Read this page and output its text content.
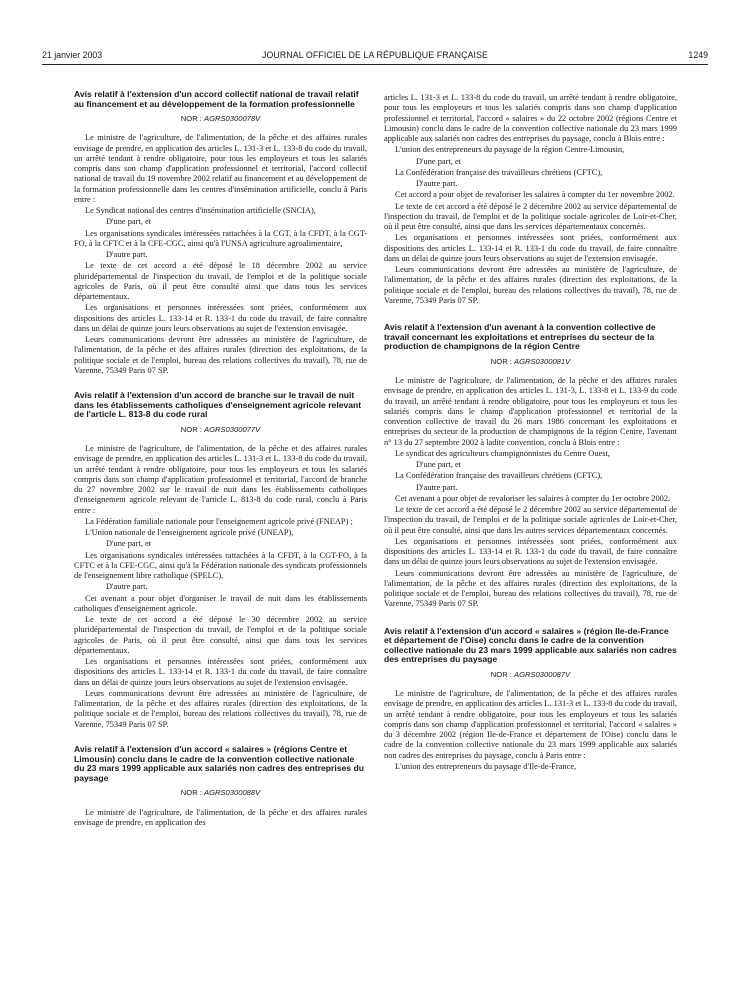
21 janvier 2003	JOURNAL OFFICIEL DE LA RÉPUBLIQUE FRANÇAISE	1249
Avis relatif à l'extension d'un accord collectif national de travail relatif au financement et au développement de la formation professionnelle
NOR : AGRS0300078V
Le ministre de l'agriculture, de l'alimentation, de la pêche et des affaires rurales envisage de prendre, en application des articles L. 131-3 et L. 133-8 du code du travail, un arrêté tendant à rendre obligatoire, pour tous les employeurs et tous les salariés compris dans son champ d'application professionnel et territorial, l'accord collectif national de travail du 19 novembre 2002 relatif au financement et au développement de la formation professionnelle dans les centres d'insémination artificielle, conclu à Paris entre :
Le Syndicat national des centres d'insémination artificielle (SNCIA),
D'une part, et
Les organisations syndicales intéressées rattachées à la CGT, à la CFDT, à la CGT-FO, à la CFTC et à la CFE-CGC, ainsi qu'à l'UNSA agriculture agroalimentaire,
D'autre part.
Le texte de cet accord a été déposé le 18 décembre 2002 au service pluridépartemental de l'inspection du travail, de l'emploi et de la politique sociale agricoles de Paris, où il peut être consulté ainsi que dans tous les services départementaux.
Les organisations et personnes intéressées sont priées, conformément aux dispositions des articles L. 133-14 et R. 133-1 du code du travail, de faire connaître dans un délai de quinze jours leurs observations au sujet de l'extension envisagée.
Leurs communications devront être adressées au ministère de l'agriculture, de l'alimentation, de la pêche et des affaires rurales (direction des exploitations, de la politique sociale et de l'emploi, bureau des relations collectives du travail), 78, rue de Varenne, 75349 Paris 07 SP.
Avis relatif à l'extension d'un accord de branche sur le travail de nuit dans les établissements catholiques d'enseignement agricole relevant de l'article L. 813-8 du code rural
NOR : AGRS0300077V
Le ministre de l'agriculture, de l'alimentation, de la pêche et des affaires rurales envisage de prendre, en application des articles L. 131-3 et L. 133-8 du code du travail, un arrêté tendant à rendre obligatoire, pour tous les employeurs et tous les salariés compris dans son champ d'application professionnel et territorial, l'accord de branche du 27 novembre 2002 sur le travail de nuit dans les établissements catholiques d'enseignement agricole relevant de l'article L. 813-8 du code rural, conclu à Paris entre :
La Fédération familiale nationale pour l'enseignement agricole privé (FNEAP) ;
L'Union nationale de l'enseignement agricole privé (UNEAP),
D'une part, et
Les organisations syndicales intéressées rattachées à la CFDT, à la CGT-FO, à la CFTC et à la CFE-CGC, ainsi qu'à la Fédération nationale des syndicats professionnels de l'enseignement libre catholique (SPELC),
D'autre part.
Cet avenant a pour objet d'organiser le travail de nuit dans les établissements catholiques d'enseignement agricole.
Le texte de cet accord a été déposé le 30 décembre 2002 au service pluridépartemental de l'inspection du travail, de l'emploi et de la politique sociale agricoles de Paris, où il peut être consulté, ainsi que dans tous les services départementaux.
Les organisations et personnes intéressées sont priées, conformément aux dispositions des articles L. 133-14 et R. 133-1 du code du travail, de faire connaître dans un délai de quinze jours leurs observations au sujet de l'extension envisagée.
Leurs communications devront être adressées au ministère de l'agriculture, de l'alimentation, de la pêche et des affaires rurales (direction des exploitations, de la politique sociale et de l'emploi, bureau des relations collectives du travail), 78, rue de Varenne, 75349 Paris 07 SP.
Avis relatif à l'extension d'un accord « salaires » (régions Centre et Limousin) conclu dans le cadre de la convention collective nationale du 23 mars 1999 applicable aux salariés non cadres des entreprises du paysage
NOR : AGRS0300088V
Le ministre de l'agriculture, de l'alimentation, de la pêche et des affaires rurales envisage de prendre, en application des
articles L. 131-3 et L. 133-8 du code du travail, un arrêté tendant à rendre obligatoire, pour tous les employeurs et tous les salariés compris dans son champ d'application professionnel et territorial, l'accord « salaires » du 22 octobre 2002 (régions Centre et Limousin) conclu dans le cadre de la convention collective nationale du 23 mars 1999 applicable aux salariés non cadres des entreprises du paysage, conclu à Blois entre :
L'union des entrepreneurs du paysage de la région Centre-Limousin,
D'une part, et
La Confédération française des travailleurs chrétiens (CFTC),
D'autre part.
Cet accord a pour objet de revaloriser les salaires à compter du 1er novembre 2002.
Le texte de cet accord a été déposé le 2 décembre 2002 au service départemental de l'inspection du travail, de l'emploi et de la politique sociale agricoles de Loir-et-Cher, où il peut être consulté, ainsi que dans les services départementaux concernés.
Les organisations et personnes intéressées sont priées, conformément aux dispositions des articles L. 133-14 et R. 133-1 du code du travail, de faire connaître dans un délai de quinze jours leurs observations au sujet de l'extension envisagée.
Leurs communications devront être adressées au ministère de l'agriculture, de l'alimentation, de la pêche et des affaires rurales (direction des exploitations, de la politique sociale et de l'emploi, bureau des relations collectives du travail), 78, rue de Varenne, 75349 Paris 07 SP.
Avis relatif à l'extension d'un avenant à la convention collective de travail concernant les exploitations et entreprises du secteur de la production de champignons de la région Centre
NOR : AGRS0300081V
Le ministre de l'agriculture, de l'alimentation, de la pêche et des affaires rurales envisage de prendre, en application des articles L. 131-3, L. 133-8 et L. 133-9 du code du travail, un arrêté tendant à rendre obligatoire, pour tous les employeurs et tous les salariés compris dans le champ d'application professionnel et territorial de la convention collective de travail du 26 mars 1986 concernant les exploitations et entreprises du secteur de la production de champignons de la région Centre, l'avenant n° 13 du 27 septembre 2002 à ladite convention, conclu à Blois entre :
Le syndicat des agriculteurs champignonnistes du Centre Ouest,
D'une part, et
La Confédération française des travailleurs chrétiens (CFTC),
D'autre part.
Cet avenant a pour objet de revaloriser les salaires à compter du 1er octobre 2002.
Le texte de cet accord a été déposé le 2 décembre 2002 au service départemental de l'inspection du travail, de l'emploi et de la politique sociale agricoles de Loir-et-Cher, où il peut être consulté, ainsi que dans les autres services départementaux concernés.
Les organisations et personnes intéressées sont priées, conformément aux dispositions des articles L. 133-14 et R. 133-1 du code du travail, de faire connaître dans un délai de quinze jours leurs observations au sujet de l'extension envisagée.
Leurs communications devront être adressées au ministère de l'agriculture, de l'alimentation, de la pêche et des affaires rurales (direction des exploitations, de la politique sociale et de l'emploi, bureau des relations collectives du travail), 78, rue de Varenne, 75349 Paris 07 SP.
Avis relatif à l'extension d'un accord « salaires » (région Ile-de-France et département de l'Oise) conclu dans le cadre de la convention collective nationale du 23 mars 1999 applicable aux salariés non cadres des entreprises du paysage
NOR : AGRS0300087V
Le ministre de l'agriculture, de l'alimentation, de la pêche et des affaires rurales envisage de prendre, en application des articles L. 131-3 et L. 133-8 du code du travail, un arrêté tendant à rendre obligatoire, pour tous les employeurs et tous les salariés compris dans son champ d'application professionnel et territorial, l'accord « salaires » du 3 décembre 2002 (région Ile-de-France et département de l'Oise) conclu dans le cadre de la convention collective nationale du 23 mars 1999 applicable aux salariés non cadres des entreprises du paysage, conclu à Paris entre :
L'union des entrepreneurs du paysage d'Ile-de-France,
